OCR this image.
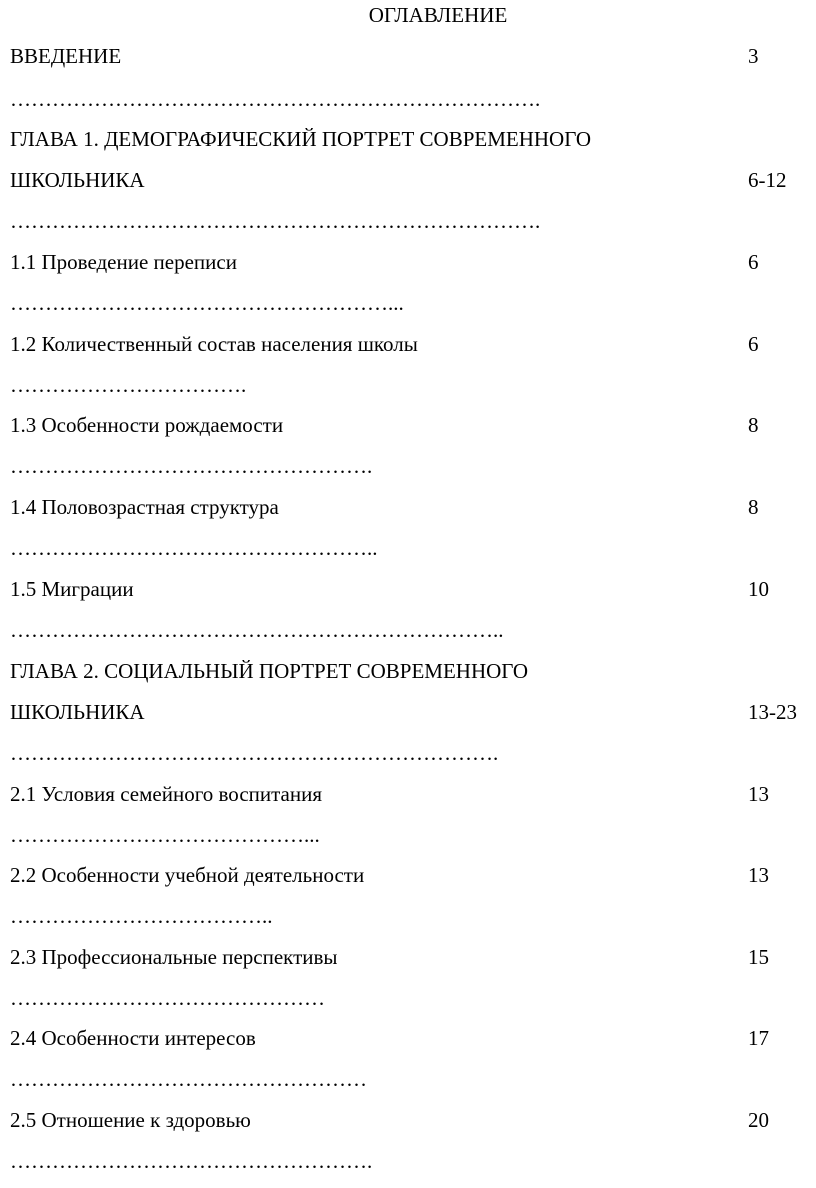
ОГЛАВЛЕНИЕ
ВВЕДЕНИЕ	3
………………………………………………………………….
ГЛАВА 1. ДЕМОГРАФИЧЕСКИЙ ПОРТРЕТ СОВРЕМЕННОГО
ШКОЛЬНИКА	6-12
………………………………………………………………….
1.1 Проведение переписи	6
………………………………………………...
1.2 Количественный состав населения школы	6
…………………………….
1.3 Особенности рождаемости	8
…………………………………………….
1.4 Половозрастная структура	8
……………………………………………..
1.5 Миграции	10
……………………………………………………………..
ГЛАВА 2. СОЦИАЛЬНЫЙ ПОРТРЕТ СОВРЕМЕННОГО
ШКОЛЬНИКА	13-23
…………………………………………………………….
2.1 Условия семейного воспитания	13
……………………………………...
2.2 Особенности учебной деятельности	13
………………………………..
2.3 Профессиональные перспективы	15
………………………………………
2.4 Особенности интересов	17
……………………………………………
2.5 Отношение к здоровью	20
…………………………………………….
